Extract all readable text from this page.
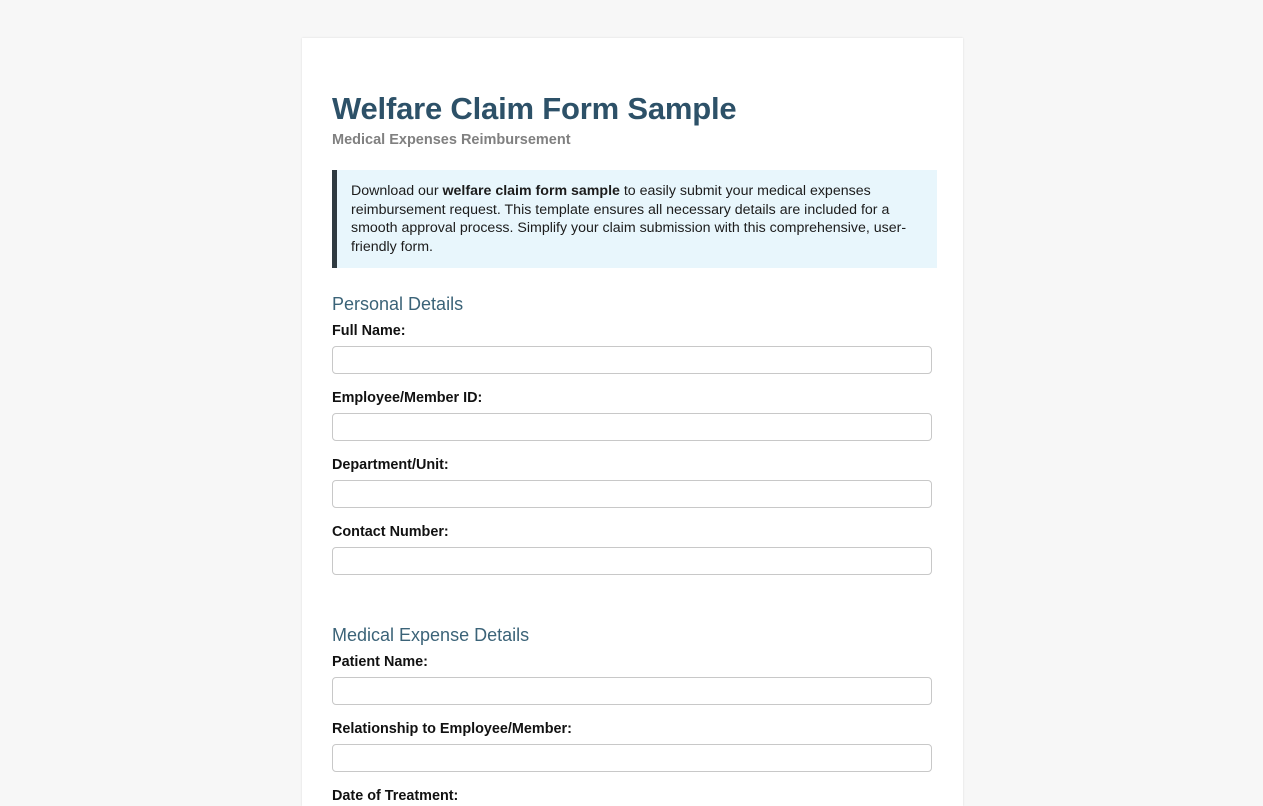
Welfare Claim Form Sample
Medical Expenses Reimbursement

Download our welfare claim form sample to easily submit your medical expenses reimbursement request. This template ensures all necessary details are included for a smooth approval process. Simplify your claim submission with this comprehensive, user-friendly form.

Personal Details
Full Name:
Employee/Member ID:
Department/Unit:
Contact Number:
Medical Expense Details
Patient Name:
Relationship to Employee/Member:
Date of Treatment:
